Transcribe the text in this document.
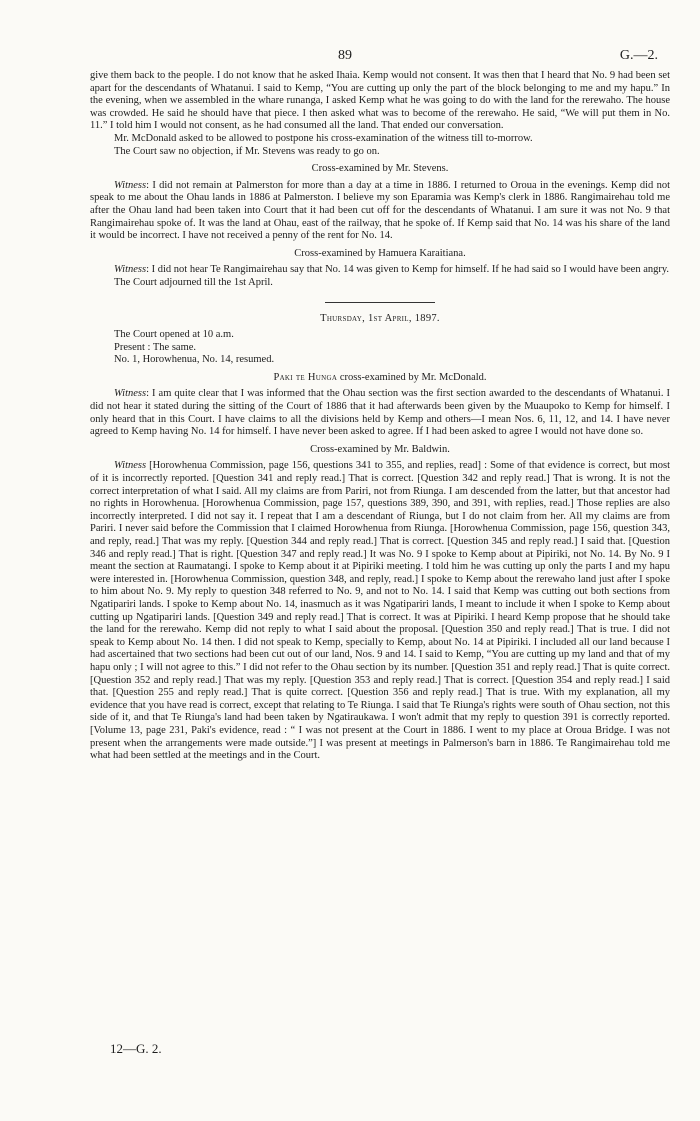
89	G.—2.

give them back to the people. I do not know that he asked Ihaia. Kemp would not consent. It was then that I heard that No. 9 had been set apart for the descendants of Whatanui. I said to Kemp, “You are cutting up only the part of the block belonging to me and my hapu.” In the evening, when we assembled in the whare runanga, I asked Kemp what he was going to do with the land for the rerewaho. The house was crowded. He said he should have that piece. I then asked what was to become of the rerewaho. He said, “We will put them in No. 11.” I told him I would not consent, as he had consumed all the land. That ended our conversation.

Mr. McDonald asked to be allowed to postpone his cross-examination of the witness till to-morrow.

The Court saw no objection, if Mr. Stevens was ready to go on.

Cross-examined by Mr. Stevens.

Witness: I did not remain at Palmerston for more than a day at a time in 1886. I returned to Oroua in the evenings. Kemp did not speak to me about the Ohau lands in 1886 at Palmerston. I believe my son Eparamia was Kemp's clerk in 1886. Rangimairehau told me after the Ohau land had been taken into Court that it had been cut off for the descendants of Whatanui. I am sure it was not No. 9 that Rangimairehau spoke of. It was the land at Ohau, east of the railway, that he spoke of. If Kemp said that No. 14 was his share of the land it would be incorrect. I have not received a penny of the rent for No. 14.

Cross-examined by Hamuera Karaitiana.

Witness: I did not hear Te Rangimairehau say that No. 14 was given to Kemp for himself. If he had said so I would have been angry.

The Court adjourned till the 1st April.

Thursday, 1st April, 1897.

The Court opened at 10 a.m.

Present : The same.

No. 1, Horowhenua, No. 14, resumed.

Paki te Hunga cross-examined by Mr. McDonald.

Witness: I am quite clear that I was informed that the Ohau section was the first section awarded to the descendants of Whatanui. I did not hear it stated during the sitting of the Court of 1886 that it had afterwards been given by the Muaupoko to Kemp for himself. I only heard that in this Court. I have claims to all the divisions held by Kemp and others—I mean Nos. 6, 11, 12, and 14. I have never agreed to Kemp having No. 14 for himself. I have never been asked to agree. If I had been asked to agree I would not have done so.

Cross-examined by Mr. Baldwin.

Witness [Horowhenua Commission, page 156, questions 341 to 355, and replies, read] : Some of that evidence is correct, but most of it is incorrectly reported. [Question 341 and reply read.] That is correct. [Question 342 and reply read.] That is wrong. It is not the correct interpretation of what I said. All my claims are from Pariri, not from Riunga. I am descended from the latter, but that ancestor had no rights in Horowhenua. [Horowhenua Commission, page 157, questions 389, 390, and 391, with replies, read.] Those replies are also incorrectly interpreted. I did not say it. I repeat that I am a descendant of Riunga, but I do not claim from her. All my claims are from Pariri. I never said before the Commission that I claimed Horowhenua from Riunga. [Horowhenua Commission, page 156, question 343, and reply, read.] That was my reply. [Question 344 and reply read.] That is correct. [Question 345 and reply read.] I said that. [Question 346 and reply read.] That is right. [Question 347 and reply read.] It was No. 9 I spoke to Kemp about at Pipiriki, not No. 14. By No. 9 I meant the section at Raumatangi. I spoke to Kemp about it at Pipiriki meeting. I told him he was cutting up only the parts I and my hapu were interested in. [Horowhenua Commission, question 348, and reply, read.] I spoke to Kemp about the rerewaho land just after I spoke to him about No. 9. My reply to question 348 referred to No. 9, and not to No. 14. I said that Kemp was cutting out both sections from Ngatipariri lands. I spoke to Kemp about No. 14, inasmuch as it was Ngatipariri lands, I meant to include it when I spoke to Kemp about cutting up Ngatipariri lands. [Question 349 and reply read.] That is correct. It was at Pipiriki. I heard Kemp propose that he should take the land for the rerewaho. Kemp did not reply to what I said about the proposal. [Question 350 and reply read.] That is true. I did not speak to Kemp about No. 14 then. I did not speak to Kemp, specially to Kemp, about No. 14 at Pipiriki. I included all our land because I had ascertained that two sections had been cut out of our land, Nos. 9 and 14. I said to Kemp, “You are cutting up my land and that of my hapu only ; I will not agree to this.” I did not refer to the Ohau section by its number. [Question 351 and reply read.] That is quite correct. [Question 352 and reply read.] That was my reply. [Question 353 and reply read.] That is correct. [Question 354 and reply read.] I said that. [Question 255 and reply read.] That is quite correct. [Question 356 and reply read.] That is true. With my explanation, all my evidence that you have read is correct, except that relating to Te Riunga. I said that Te Riunga's rights were south of Ohau section, not this side of it, and that Te Riunga's land had been taken by Ngatiraukawa. I won't admit that my reply to question 391 is correctly reported. [Volume 13, page 231, Paki's evidence, read : “ I was not present at the Court in 1886. I went to my place at Oroua Bridge. I was not present when the arrangements were made outside.”] I was present at meetings in Palmerson's barn in 1886. Te Rangimairehau told me what had been settled at the meetings and in the Court.

12—G. 2.
